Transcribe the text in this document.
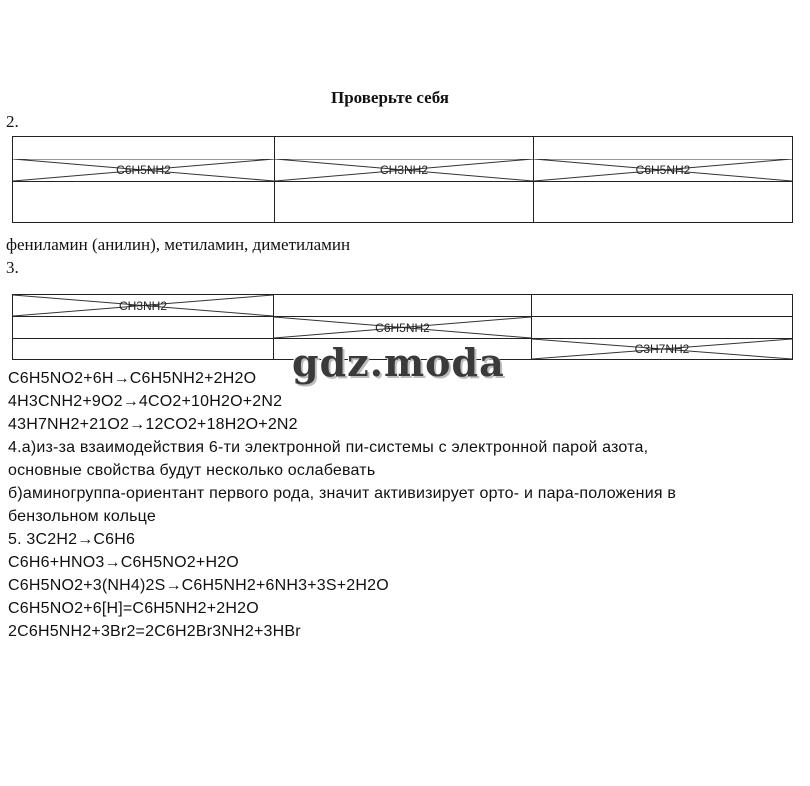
Проверьте себя
2.
C6H5NH2	CH3NH2	C6H5NH2
фениламин (анилин), метиламин, диметиламин
3.
CH3NH2
C6H5NH2
C3H7NH2
C6H5NO2+6H→C6H5NH2+2H2O
4H3CNH2+9O2→4CO2+10H2O+2N2
43H7NH2+21O2→12CO2+18H2O+2N2
4.а)из-за взаимодействия 6-ти электронной пи-системы с электронной парой азота,
основные свойства будут несколько ослабевать
б)аминогруппа-ориентант первого рода, значит активизирует орто- и пара-положения в
бензольном кольце
5. 3C2H2→C6H6
C6H6+HNO3→C6H5NO2+H2O
C6H5NO2+3(NH4)2S→C6H5NH2+6NH3+3S+2H2O
C6H5NO2+6[H]=C6H5NH2+2H2O
2C6H5NH2+3Br2=2C6H2Br3NH2+3HBr
gdz.moda
